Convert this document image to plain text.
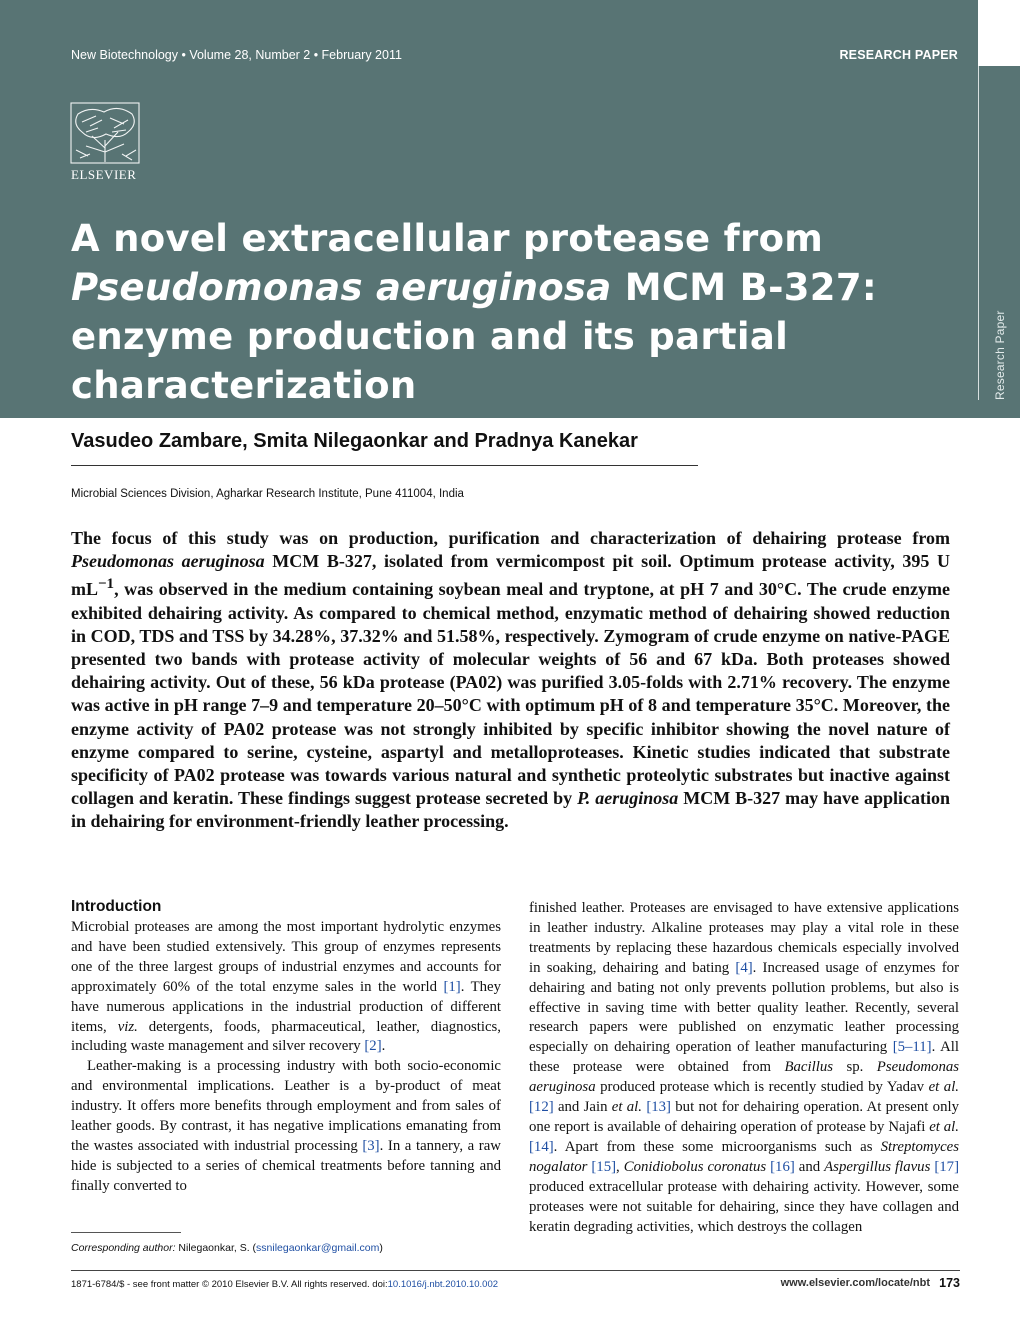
Research Paper
New Biotechnology • Volume 28, Number 2 • February 2011	RESEARCH PAPER
ELSEVIER
A novel extracellular protease from Pseudomonas aeruginosa MCM B-327: enzyme production and its partial characterization
Vasudeo Zambare, Smita Nilegaonkar and Pradnya Kanekar
Microbial Sciences Division, Agharkar Research Institute, Pune 411004, India

The focus of this study was on production, purification and characterization of dehairing protease from Pseudomonas aeruginosa MCM B-327, isolated from vermicompost pit soil. Optimum protease activity, 395 U $mL^{-1}$, was observed in the medium containing soybean meal and tryptone, at pH 7 and 30°C. The crude enzyme exhibited dehairing activity. As compared to chemical method, enzymatic method of dehairing showed reduction in COD, TDS and TSS by 34.28%, 37.32% and 51.58%, respectively. Zymogram of crude enzyme on native-PAGE presented two bands with protease activity of molecular weights of 56 and 67 kDa. Both proteases showed dehairing activity. Out of these, 56 kDa protease (PA02) was purified 3.05-folds with 2.71% recovery. The enzyme was active in pH range 7–9 and temperature 20–50°C with optimum pH of 8 and temperature 35°C. Moreover, the enzyme activity of PA02 protease was not strongly inhibited by specific inhibitor showing the novel nature of enzyme compared to serine, cysteine, aspartyl and metalloproteases. Kinetic studies indicated that substrate specificity of PA02 protease was towards various natural and synthetic proteolytic substrates but inactive against collagen and keratin. These findings suggest protease secreted by P. aeruginosa MCM B-327 may have application in dehairing for environment-friendly leather processing.

Introduction

Microbial proteases are among the most important hydrolytic enzymes and have been studied extensively. This group of enzymes represents one of the three largest groups of industrial enzymes and accounts for approximately 60% of the total enzyme sales in the world [1]. They have numerous applications in the industrial production of different items, viz. detergents, foods, pharmaceutical, leather, diagnostics, including waste management and silver recovery [2].

Leather-making is a processing industry with both socio-economic and environmental implications. Leather is a by-product of meat industry. It offers more benefits through employment and from sales of leather goods. By contrast, it has negative implications emanating from the wastes associated with industrial processing [3]. In a tannery, a raw hide is subjected to a series of chemical treatments before tanning and finally converted to

finished leather. Proteases are envisaged to have extensive applications in leather industry. Alkaline proteases may play a vital role in these treatments by replacing these hazardous chemicals especially involved in soaking, dehairing and bating [4]. Increased usage of enzymes for dehairing and bating not only prevents pollution problems, but also is effective in saving time with better quality leather. Recently, several research papers were published on enzymatic leather processing especially on dehairing operation of leather manufacturing [5–11]. All these protease were obtained from Bacillus sp. Pseudomonas aeruginosa produced protease which is recently studied by Yadav et al. [12] and Jain et al. [13] but not for dehairing operation. At present only one report is available of dehairing operation of protease by Najafi et al. [14]. Apart from these some microorganisms such as Streptomyces nogalator [15], Conidiobolus coronatus [16] and Aspergillus flavus [17] produced extracellular protease with dehairing activity. However, some proteases were not suitable for dehairing, since they have collagen and keratin degrading activities, which destroys the collagen

Corresponding author: Nilegaonkar, S. (ssnilegaonkar@gmail.com)
1871-6784/$ - see front matter © 2010 Elsevier B.V. All rights reserved. doi:10.1016/j.nbt.2010.10.002	www.elsevier.com/locate/nbt 173
